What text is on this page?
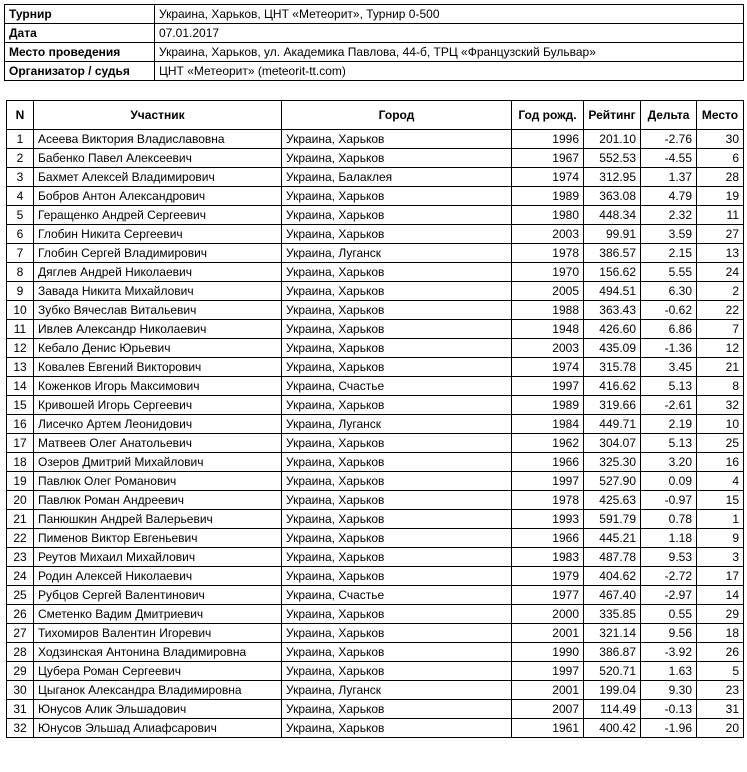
Турнир	Украина, Харьков, ЦНТ «Метеорит», Турнир 0-500
Дата	07.01.2017
Место проведения	Украина, Харьков, ул. Академика Павлова, 44-б, ТРЦ «Французский Бульвар»
Организатор / судья	ЦНТ «Метеорит» (meteorit-tt.com)
N	Участник	Город	Год рожд.	Рейтинг	Дельта	Место
1	Асеева Виктория Владиславовна	Украина, Харьков	1996	201.10	-2.76	30
2	Бабенко Павел Алексеевич	Украина, Харьков	1967	552.53	-4.55	6
3	Бахмет Алексей Владимирович	Украина, Балаклея	1974	312.95	1.37	28
4	Бобров Антон Александрович	Украина, Харьков	1989	363.08	4.79	19
5	Геращенко Андрей Сергеевич	Украина, Харьков	1980	448.34	2.32	11
6	Глобин Никита Сергеевич	Украина, Харьков	2003	99.91	3.59	27
7	Глобин Сергей Владимирович	Украина, Луганск	1978	386.57	2.15	13
8	Дяглев Андрей Николаевич	Украина, Харьков	1970	156.62	5.55	24
9	Завада Никита Михайлович	Украина, Харьков	2005	494.51	6.30	2
10	Зубко Вячеслав Витальевич	Украина, Харьков	1988	363.43	-0.62	22
11	Ивлев Александр Николаевич	Украина, Харьков	1948	426.60	6.86	7
12	Кебало Денис Юрьевич	Украина, Харьков	2003	435.09	-1.36	12
13	Ковалев Евгений Викторович	Украина, Харьков	1974	315.78	3.45	21
14	Коженков Игорь Максимович	Украина, Счастье	1997	416.62	5.13	8
15	Кривошей Игорь Сергеевич	Украина, Харьков	1989	319.66	-2.61	32
16	Лисечко Артем Леонидович	Украина, Луганск	1984	449.71	2.19	10
17	Матвеев Олег Анатольевич	Украина, Харьков	1962	304.07	5.13	25
18	Озеров Дмитрий Михайлович	Украина, Харьков	1966	325.30	3.20	16
19	Павлюк Олег Романович	Украина, Харьков	1997	527.90	0.09	4
20	Павлюк Роман Андреевич	Украина, Харьков	1978	425.63	-0.97	15
21	Панюшкин Андрей Валерьевич	Украина, Харьков	1993	591.79	0.78	1
22	Пименов Виктор Евгеньевич	Украина, Харьков	1966	445.21	1.18	9
23	Реутов Михаил Михайлович	Украина, Харьков	1983	487.78	9.53	3
24	Родин Алексей Николаевич	Украина, Харьков	1979	404.62	-2.72	17
25	Рубцов Сергей Валентинович	Украина, Счастье	1977	467.40	-2.97	14
26	Сметенко Вадим Дмитриевич	Украина, Харьков	2000	335.85	0.55	29
27	Тихомиров Валентин Игоревич	Украина, Харьков	2001	321.14	9.56	18
28	Ходзинская Антонина Владимировна	Украина, Харьков	1990	386.87	-3.92	26
29	Цубера Роман Сергеевич	Украина, Харьков	1997	520.71	1.63	5
30	Цыганок Александра Владимировна	Украина, Луганск	2001	199.04	9.30	23
31	Юнусов Алик Эльшадович	Украина, Харьков	2007	114.49	-0.13	31
32	Юнусов Эльшад Алиафсарович	Украина, Харьков	1961	400.42	-1.96	20
